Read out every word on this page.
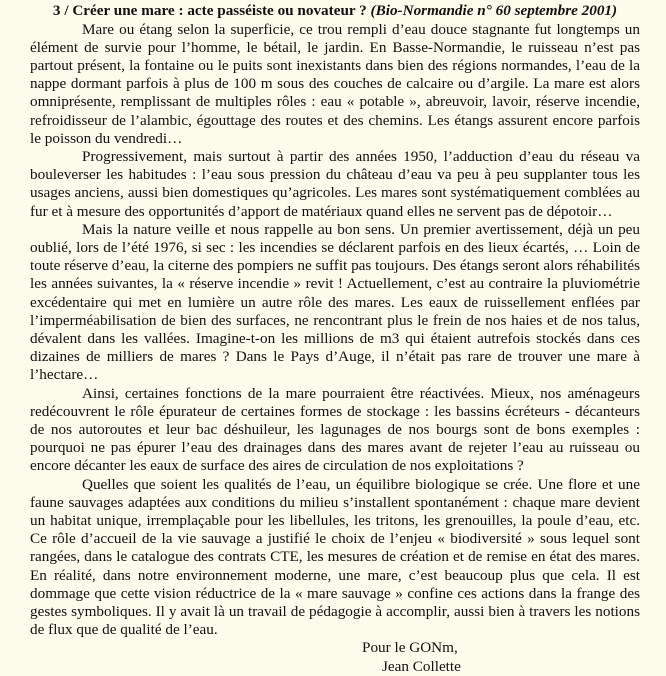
3 / Créer une mare : acte passéiste ou novateur ? (Bio-Normandie n° 60 septembre 2001)

Mare ou étang selon la superficie, ce trou rempli d’eau douce stagnante fut longtemps un élément de survie pour l’homme, le bétail, le jardin. En Basse-Normandie, le ruisseau n’est pas partout présent, la fontaine ou le puits sont inexistants dans bien des régions normandes, l’eau de la nappe dormant parfois à plus de 100 m sous des couches de calcaire ou d’argile. La mare est alors omniprésente, remplissant de multiples rôles : eau « potable », abreuvoir, lavoir, réserve incendie, refroidisseur de l’alambic, égouttage des routes et des chemins. Les étangs assurent encore parfois le poisson du vendredi…

Progressivement, mais surtout à partir des années 1950, l’adduction d’eau du réseau va bouleverser les habitudes : l’eau sous pression du château d’eau va peu à peu supplanter tous les usages anciens, aussi bien domestiques qu’agricoles. Les mares sont systématiquement comblées au fur et à mesure des opportunités d’apport de matériaux quand elles ne servent pas de dépotoir…

Mais la nature veille et nous rappelle au bon sens. Un premier avertissement, déjà un peu oublié, lors de l’été 1976, si sec : les incendies se déclarent parfois en des lieux écartés, … Loin de toute réserve d’eau, la citerne des pompiers ne suffit pas toujours. Des étangs seront alors réhabilités les années suivantes, la « réserve incendie » revit ! Actuellement, c’est au contraire la pluviométrie excédentaire qui met en lumière un autre rôle des mares. Les eaux de ruissellement enflées par l’imperméabilisation de bien des surfaces, ne rencontrant plus le frein de nos haies et de nos talus, dévalent dans les vallées. Imagine-t-on les millions de m3 qui étaient autrefois stockés dans ces dizaines de milliers de mares ? Dans le Pays d’Auge, il n’était pas rare de trouver une mare à l’hectare…

Ainsi, certaines fonctions de la mare pourraient être réactivées. Mieux, nos aménageurs redécouvrent le rôle épurateur de certaines formes de stockage : les bassins écréteurs - décanteurs de nos autoroutes et leur bac déshuileur, les lagunages de nos bourgs sont de bons exemples : pourquoi ne pas épurer l’eau des drainages dans des mares avant de rejeter l’eau au ruisseau ou encore décanter les eaux de surface des aires de circulation de nos exploitations ?

Quelles que soient les qualités de l’eau, un équilibre biologique se crée. Une flore et une faune sauvages adaptées aux conditions du milieu s’installent spontanément : chaque mare devient un habitat unique, irremplaçable pour les libellules, les tritons, les grenouilles, la poule d’eau, etc. Ce rôle d’accueil de la vie sauvage a justifié le choix de l’enjeu « biodiversité » sous lequel sont rangées, dans le catalogue des contrats CTE, les mesures de création et de remise en état des mares. En réalité, dans notre environnement moderne, une mare, c’est beaucoup plus que cela. Il est dommage que cette vision réductrice de la « mare sauvage » confine ces actions dans la frange des gestes symboliques. Il y avait là un travail de pédagogie à accomplir, aussi bien à travers les notions de flux que de qualité de l’eau.

Pour le GONm,
Jean Collette
